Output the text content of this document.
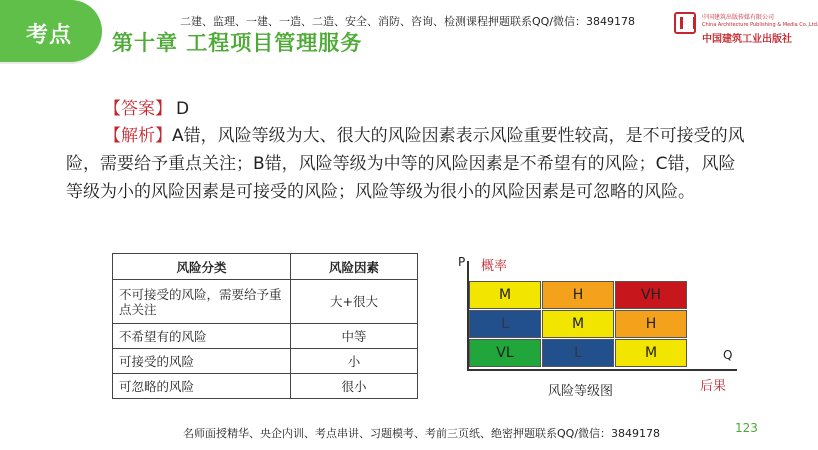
考点 第十章 工程项目管理服务
二建、监理、一建、一造、二造、安全、消防、咨询、检测课程押题联系QQ/微信：3849178	中国建筑出版传媒有限公司
China Architecture Publishing & Media Co.,Ltd.
中国建筑工业出版社
【答案】 D
【解析】A错，风险等级为大、很大的风险因素表示风险重要性较高，是不可接受的风险，需要给予重点关注；B错，风险等级为中等的风险因素是不希望有的风险；C错，风险等级为小的风险因素是可接受的风险；风险等级为很小的风险因素是可忽略的风险。
风险分类	风险因素
不可接受的风险，需要给予重点关注	大+很大
不希望有的风险	中等
可接受的风险	小
可忽略的风险	很小
P 概率
Q
后果
M	H	VH
L	M	H
VL	L	M
风险等级图
名师面授精华、央企内训、考点串讲、习题模考、考前三页纸、绝密押题联系QQ/微信：3849178	123
